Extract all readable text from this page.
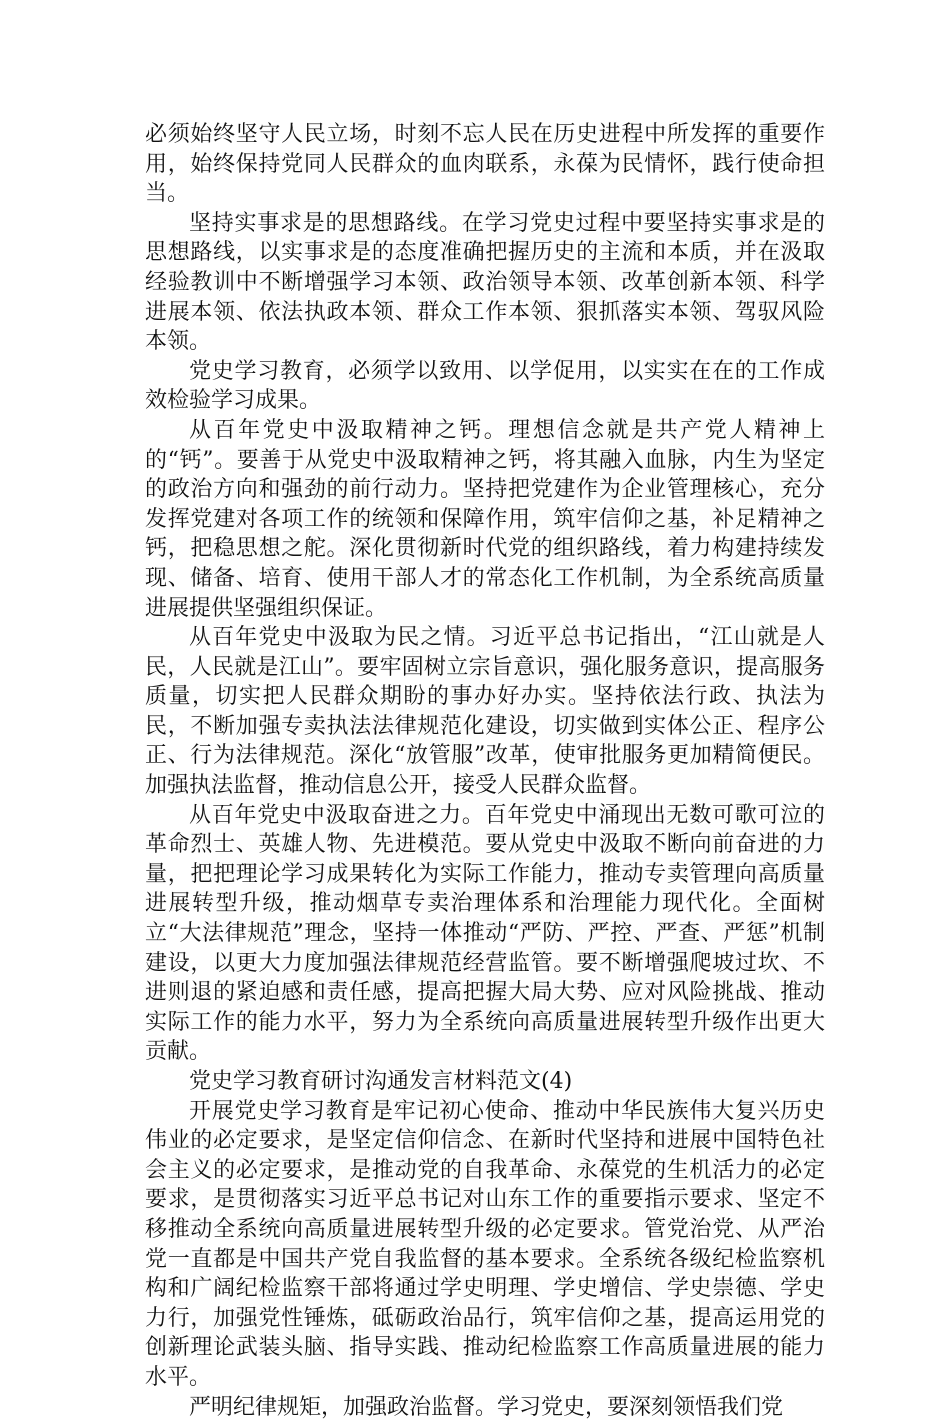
必须始终坚守人民立场，时刻不忘人民在历史进程中所发挥的重要作用，始终保持党同人民群众的血肉联系，永葆为民情怀，践行使命担当。

坚持实事求是的思想路线。在学习党史过程中要坚持实事求是的思想路线，以实事求是的态度准确把握历史的主流和本质，并在汲取经验教训中不断增强学习本领、政治领导本领、改革创新本领、科学进展本领、依法执政本领、群众工作本领、狠抓落实本领、驾驭风险本领。

党史学习教育，必须学以致用、以学促用，以实实在在的工作成效检验学习成果。

从百年党史中汲取精神之钙。理想信念就是共产党人精神上的“钙”。要善于从党史中汲取精神之钙，将其融入血脉，内生为坚定的政治方向和强劲的前行动力。坚持把党建作为企业管理核心，充分发挥党建对各项工作的统领和保障作用，筑牢信仰之基，补足精神之钙，把稳思想之舵。深化贯彻新时代党的组织路线，着力构建持续发现、储备、培育、使用干部人才的常态化工作机制，为全系统高质量进展提供坚强组织保证。

从百年党史中汲取为民之情。习近平总书记指出，“江山就是人民，人民就是江山”。要牢固树立宗旨意识，强化服务意识，提高服务质量，切实把人民群众期盼的事办好办实。坚持依法行政、执法为民，不断加强专卖执法法律规范化建设，切实做到实体公正、程序公正、行为法律规范。深化“放管服”改革，使审批服务更加精简便民。加强执法监督，推动信息公开，接受人民群众监督。

从百年党史中汲取奋进之力。百年党史中涌现出无数可歌可泣的革命烈士、英雄人物、先进模范。要从党史中汲取不断向前奋进的力量，把把理论学习成果转化为实际工作能力，推动专卖管理向高质量进展转型升级，推动烟草专卖治理体系和治理能力现代化。全面树立“大法律规范”理念，坚持一体推动“严防、严控、严查、严惩”机制建设，以更大力度加强法律规范经营监管。要不断增强爬坡过坎、不进则退的紧迫感和责任感，提高把握大局大势、应对风险挑战、推动实际工作的能力水平，努力为全系统向高质量进展转型升级作出更大贡献。

党史学习教育研讨沟通发言材料范文(4)

开展党史学习教育是牢记初心使命、推动中华民族伟大复兴历史伟业的必定要求，是坚定信仰信念、在新时代坚持和进展中国特色社会主义的必定要求，是推动党的自我革命、永葆党的生机活力的必定要求，是贯彻落实习近平总书记对山东工作的重要指示要求、坚定不移推动全系统向高质量进展转型升级的必定要求。管党治党、从严治党一直都是中国共产党自我监督的基本要求。全系统各级纪检监察机构和广阔纪检监察干部将通过学史明理、学史增信、学史崇德、学史力行，加强党性锤炼，砥砺政治品行，筑牢信仰之基，提高运用党的创新理论武装头脑、指导实践、推动纪检监察工作高质量进展的能力水平。

严明纪律规矩，加强政治监督。学习党史，要深刻领悟我们党
